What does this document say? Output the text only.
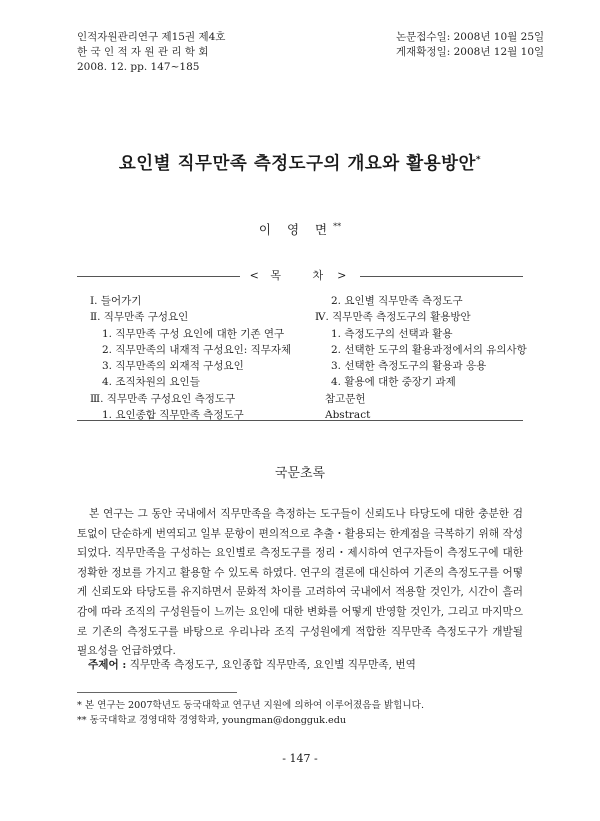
인적자원관리연구 제15권 제4호
한 국 인 적 자 원 관 리 학 회
2008. 12. pp. 147~185
논문접수일: 2008년 10월 25일
게재확정일: 2008년 12월 10일
요인별 직무만족 측정도구의 개요와 활용방안*
이 영 면**
< 목 차>
Ⅰ. 들어가기
Ⅱ. 직무만족 구성요인
1. 직무만족 구성 요인에 대한 기존 연구
2. 직무만족의 내재적 구성요인: 직무자체
3. 직무만족의 외재적 구성요인
4. 조직차원의 요인들
Ⅲ. 직무만족 구성요인 측정도구
1. 요인종합 직무만족 측정도구
2. 요인별 직무만족 측정도구
Ⅳ. 직무만족 측정도구의 활용방안
1. 측정도구의 선택과 활용
2. 선택한 도구의 활용과정에서의 유의사항
3. 선택한 측정도구의 활용과 응용
4. 활용에 대한 중장기 과제
참고문헌
Abstract
국문초록
본 연구는 그 동안 국내에서 직무만족을 측정하는 도구들이 신뢰도나 타당도에 대한 충분한 검토없이 단순하게 번역되고 일부 문항이 편의적으로 추출・활용되는 한계점을 극복하기 위해 작성되었다. 직무만족을 구성하는 요인별로 측정도구를 정리・제시하여 연구자들이 측정도구에 대한 정확한 정보를 가지고 활용할 수 있도록 하였다. 연구의 결론에 대신하여 기존의 측정도구를 어떻게 신뢰도와 타당도를 유지하면서 문화적 차이를 고려하여 국내에서 적용할 것인가, 시간이 흘러감에 따라 조직의 구성원들이 느끼는 요인에 대한 변화를 어떻게 반영할 것인가, 그리고 마지막으로 기존의 측정도구를 바탕으로 우리나라 조직 구성원에게 적합한 직무만족 측정도구가 개발될 필요성을 언급하였다.
주제어 : 직무만족 측정도구, 요인종합 직무만족, 요인별 직무만족, 번역
* 본 연구는 2007학년도 동국대학교 연구년 지원에 의하여 이루어졌음을 밝힙니다.
** 동국대학교 경영대학 경영학과, youngman@dongguk.edu
- 147 -
